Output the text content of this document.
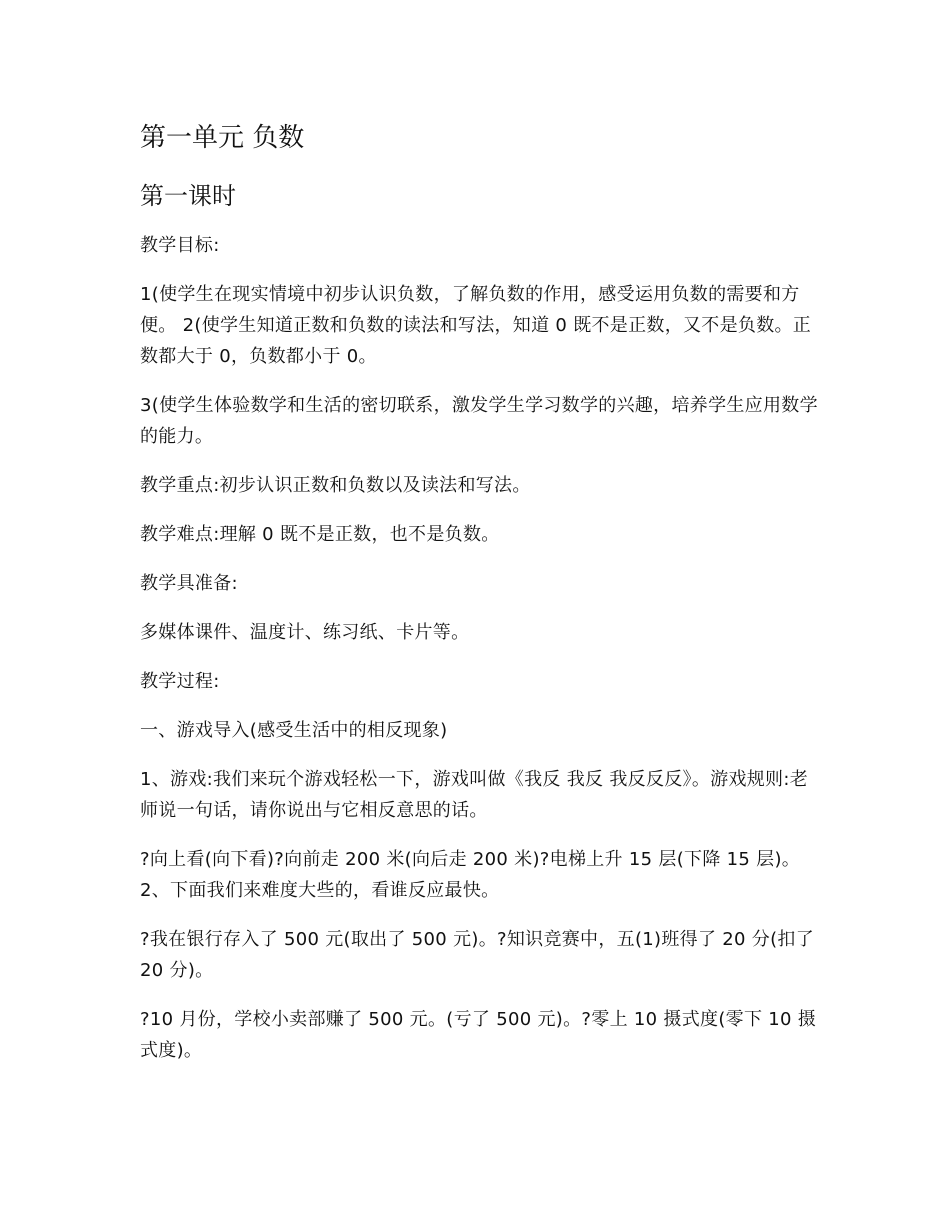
第一单元 负数
第一课时
教学目标:
1(使学生在现实情境中初步认识负数，了解负数的作用，感受运用负数的需要和方便。 2(使学生知道正数和负数的读法和写法，知道 0 既不是正数，又不是负数。正数都大于 0，负数都小于 0。
3(使学生体验数学和生活的密切联系，激发学生学习数学的兴趣，培养学生应用数学的能力。
教学重点:初步认识正数和负数以及读法和写法。
教学难点:理解 0 既不是正数，也不是负数。
教学具准备:
多媒体课件、温度计、练习纸、卡片等。
教学过程:
一、游戏导入(感受生活中的相反现象)
1、游戏:我们来玩个游戏轻松一下，游戏叫做《我反 我反 我反反反》。游戏规则:老师说一句话，请你说出与它相反意思的话。
?向上看(向下看)?向前走 200 米(向后走 200 米)?电梯上升 15 层(下降 15 层)。 2、下面我们来难度大些的，看谁反应最快。
?我在银行存入了 500 元(取出了 500 元)。?知识竞赛中，五(1)班得了 20 分(扣了 20 分)。
?10 月份，学校小卖部赚了 500 元。(亏了 500 元)。?零上 10 摄式度(零下 10 摄式度)。
